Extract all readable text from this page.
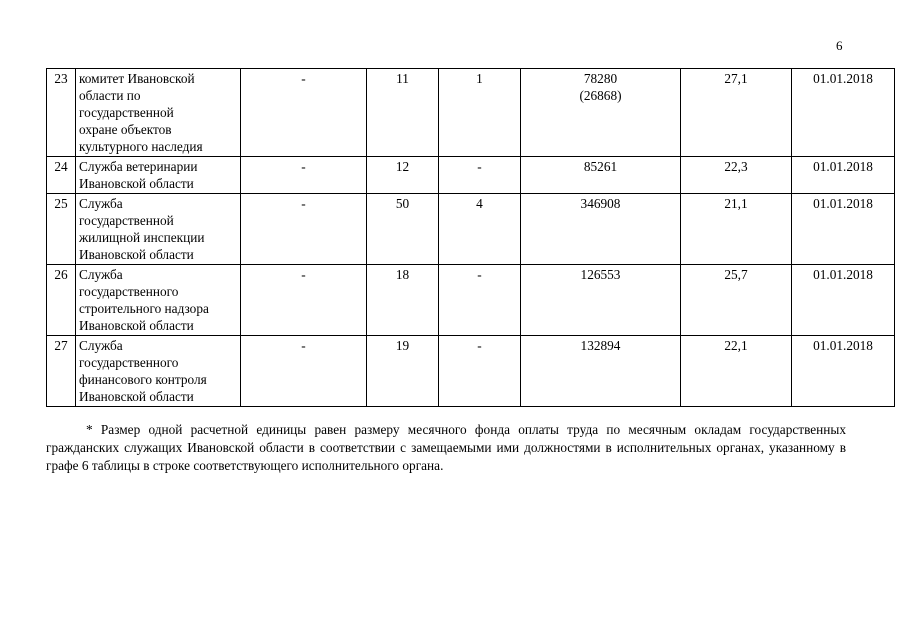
6
23	комитет Ивановской
области по
государственной
охране объектов
культурного наследия	-	11	1	78280
(26868)	27,1	01.01.2018
24	Служба ветеринарии
Ивановской области	-	12	-	85261	22,3	01.01.2018
25	Служба
государственной
жилищной инспекции
Ивановской области	-	50	4	346908	21,1	01.01.2018
26	Служба
государственного
строительного надзора
Ивановской области	-	18	-	126553	25,7	01.01.2018
27	Служба
государственного
финансового контроля
Ивановской области	-	19	-	132894	22,1	01.01.2018

* Размер одной расчетной единицы равен размеру месячного фонда оплаты труда по месячным окладам государственных гражданских служащих Ивановской области в соответствии с замещаемыми ими должностями в исполнительных органах, указанному в графе 6 таблицы в строке соответствующего исполнительного органа.
